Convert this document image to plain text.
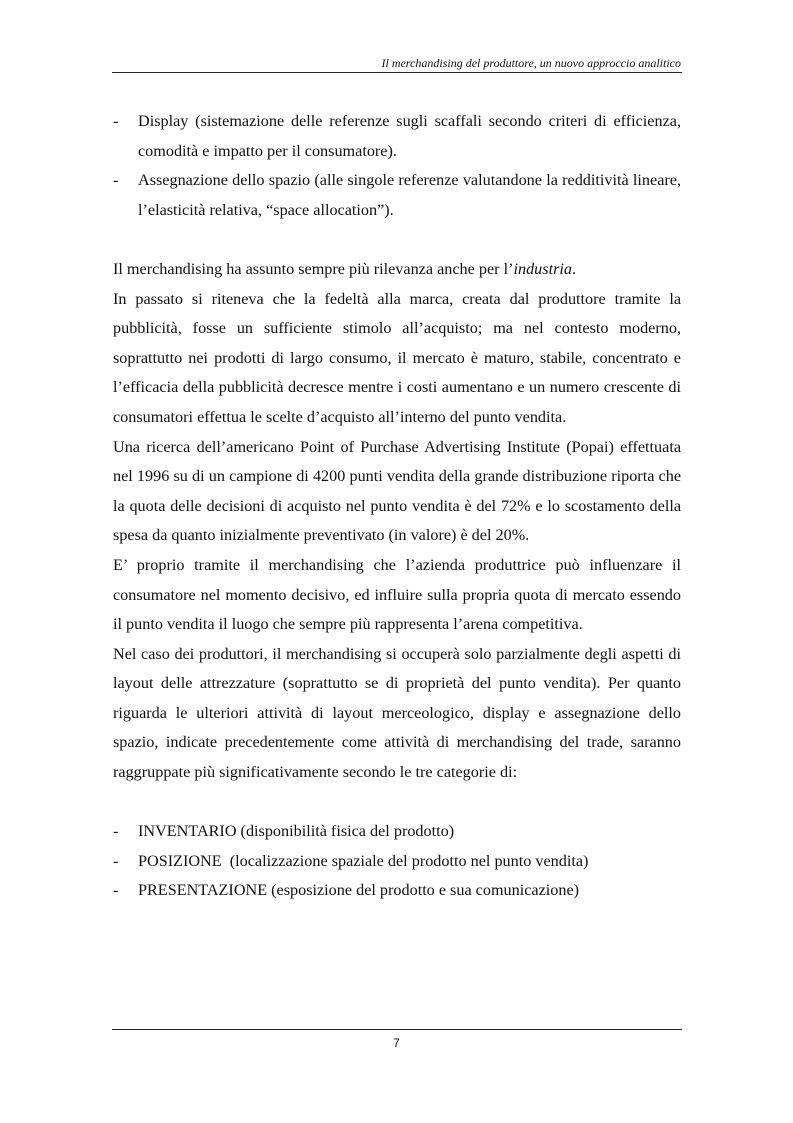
Il merchandising del produttore, un nuovo approccio analitico
-	Display (sistemazione delle referenze sugli scaffali secondo criteri di efficienza, comodità e impatto per il consumatore).
-	Assegnazione dello spazio (alle singole referenze valutandone la redditività lineare, l’elasticità relativa, “space allocation”).

Il merchandising ha assunto sempre più rilevanza anche per l’industria.

In passato si riteneva che la fedeltà alla marca, creata dal produttore tramite la pubblicità, fosse un sufficiente stimolo all’acquisto; ma nel contesto moderno, soprattutto nei prodotti di largo consumo, il mercato è maturo, stabile, concentrato e l’efficacia della pubblicità decresce mentre i costi aumentano e un numero crescente di consumatori effettua le scelte d’acquisto all’interno del punto vendita.

Una ricerca dell’americano Point of Purchase Advertising Institute (Popai) effettuata nel 1996 su di un campione di 4200 punti vendita della grande distribuzione riporta che la quota delle decisioni di acquisto nel punto vendita è del 72% e lo scostamento della spesa da quanto inizialmente preventivato (in valore) è del 20%.

E’ proprio tramite il merchandising che l’azienda produttrice può influenzare il consumatore nel momento decisivo, ed influire sulla propria quota di mercato essendo il punto vendita il luogo che sempre più rappresenta l’arena competitiva.

Nel caso dei produttori, il merchandising si occuperà solo parzialmente degli aspetti di layout delle attrezzature (soprattutto se di proprietà del punto vendita). Per quanto riguarda le ulteriori attività di layout merceologico, display e assegnazione dello spazio, indicate precedentemente come attività di merchandising del trade, saranno raggruppate più significativamente secondo le tre categorie di:

-	INVENTARIO (disponibilità fisica del prodotto)
-	POSIZIONE  (localizzazione spaziale del prodotto nel punto vendita)
-	PRESENTAZIONE (esposizione del prodotto e sua comunicazione)
7
